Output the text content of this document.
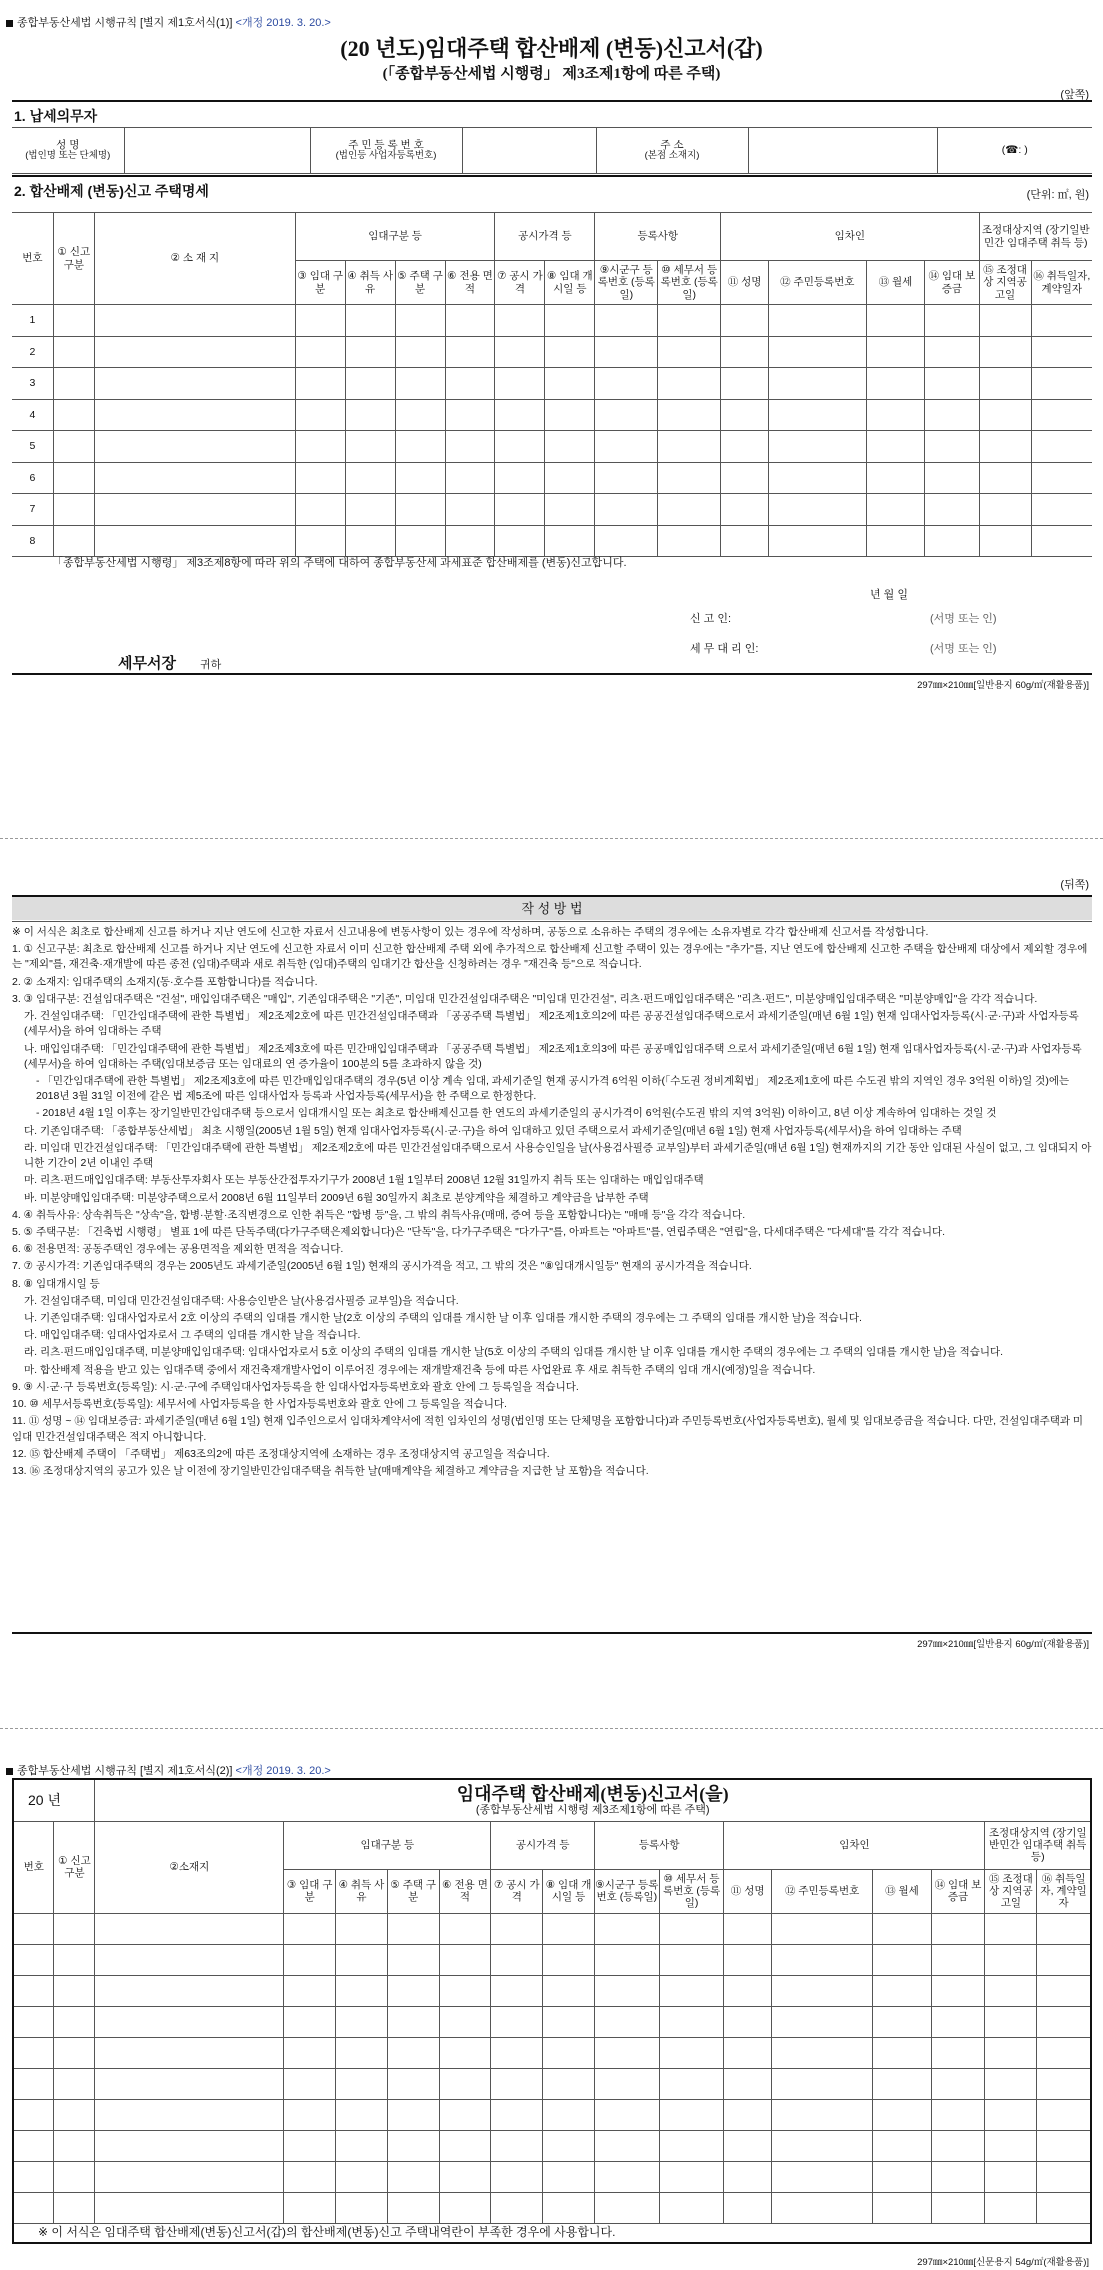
종합부동산세법 시행규칙 [별지 제1호서식(1)] <개정 2019. 3. 20.>
(20 년도)임대주택 합산배제 (변동)신고서(갑)
(「종합부동산세법 시행령」 제3조제1항에 따른 주택)
(앞쪽)
1. 납세의무자
성 명
(법인명 또는 단체명)

주 민 등 록 번 호
(법인등 사업자등록번호)

주 소
(본점 소재지)		(☎: )
2. 합산배제 (변동)신고 주택명세	(단위: ㎡, 원)
번호	① 신고 구분	② 소 재 지	임대구분 등				공시가격 등		등록사항		임차인				조정대상지역 (장기일반민간 임대주택 취득 등)	
			③ 임대 구분	④ 취득 사유	⑤ 주택 구분	⑥ 전용 면적	⑦ 공시 가격	⑧ 임대 개시일 등	⑨시군구 등록번호 (등록일)	⑩ 세무서 등록번호 (등록일)	⑪ 성명	⑫ 주민등록번호	⑬ 월세	⑭ 임대 보증금	⑮ 조정대상 지역공고일	⑯ 취득일자, 계약일자
1																
2																
3																
4																
5																
6																
7																
8																
「종합부동산세법 시행령」 제3조제8항에 따라 위의 주택에 대하여 종합부동산세 과세표준 합산배제를 (변동)신고합니다.
년 월 일
신 고 인:	(서명 또는 인)
세 무 대 리 인:	(서명 또는 인)
세무서장 귀하
297㎜×210㎜[일반용지 60g/㎡(재활용품)]
(뒤쪽)
작 성 방 법

※ 이 서식은 최초로 합산배제 신고를 하거나 지난 연도에 신고한 자료서 신고내용에 변동사항이 있는 경우에 작성하며, 공동으로 소유하는 주택의 경우에는 소유자별로 각각 합산배제 신고서를 작성합니다.

1. ① 신고구분: 최초로 합산배제 신고를 하거나 지난 연도에 신고한 자료서 이미 신고한 합산배제 주택 외에 추가적으로 합산배제 신고할 주택이 있는 경우에는 "추가"를, 지난 연도에 합산배제 신고한 주택을 합산배제 대상에서 제외할 경우에는 "제외"를, 재건축·재개발에 따른 종전 (임대)주택과 새로 취득한 (임대)주택의 임대기간 합산을 신청하려는 경우 "재건축 등"으로 적습니다.

2. ② 소재지: 임대주택의 소재지(동·호수를 포함합니다)를 적습니다.

3. ③ 임대구분: 건설임대주택은 "건설", 매입임대주택은 "매입", 기존임대주택은 "기존", 미임대 민간건설임대주택은 "미임대 민간건설", 리츠·펀드매입임대주택은 "리츠·펀드", 미분양매입임대주택은 "미분양매입"을 각각 적습니다.

가. 건설임대주택: 「민간임대주택에 관한 특별법」 제2조제2호에 따른 민간건설임대주택과 「공공주택 특별법」 제2조제1호의2에 따른 공공건설임대주택으로서 과세기준일(매년 6월 1일) 현재 임대사업자등록(시·군·구)과 사업자등록(세무서)을 하여 임대하는 주택

나. 매입임대주택: 「민간임대주택에 관한 특별법」 제2조제3호에 따른 민간매입임대주택과 「공공주택 특별법」 제2조제1호의3에 따른 공공매입임대주택 으로서 과세기준일(매년 6월 1일) 현재 임대사업자등록(시·군·구)과 사업자등록(세무서)을 하여 임대하는 주택(임대보증금 또는 임대료의 연 증가율이 100분의 5를 초과하지 않을 것)

- 「민간임대주택에 관한 특별법」 제2조제3호에 따른 민간매입임대주택의 경우(5년 이상 계속 임대, 과세기준일 현재 공시가격 6억원 이하(「수도권 정비계획법」 제2조제1호에 따른 수도권 밖의 지역인 경우 3억원 이하)일 것)에는 2018년 3월 31일 이전에 같은 법 제5조에 따른 임대사업자 등록과 사업자등록(세무서)을 한 주택으로 한정한다.

- 2018년 4월 1일 이후는 장기일반민간임대주택 등으로서 임대개시일 또는 최초로 합산배제신고를 한 연도의 과세기준일의 공시가격이 6억원(수도권 밖의 지역 3억원) 이하이고, 8년 이상 계속하여 임대하는 것일 것

다. 기존임대주택: 「종합부동산세법」 최초 시행일(2005년 1월 5일) 현재 임대사업자등록(시·군·구)을 하여 임대하고 있던 주택으로서 과세기준일(매년 6월 1일) 현재 사업자등록(세무서)을 하여 임대하는 주택

라. 미임대 민간건설임대주택: 「민간임대주택에 관한 특별법」 제2조제2호에 따른 민간건설임대주택으로서 사용승인일을 날(사용검사필증 교부일)부터 과세기준일(매년 6월 1일) 현재까지의 기간 동안 임대된 사실이 없고, 그 임대되지 아니한 기간이 2년 이내인 주택

마. 리츠·펀드매입임대주택: 부동산투자회사 또는 부동산간접투자기구가 2008년 1월 1일부터 2008년 12월 31일까지 취득 또는 임대하는 매입임대주택

바. 미분양매입임대주택: 미분양주택으로서 2008년 6월 11일부터 2009년 6월 30일까지 최초로 분양계약을 체결하고 계약금을 납부한 주택

4. ④ 취득사유: 상속취득은 "상속"을, 합병·분할·조직변경으로 인한 취득은 "합병 등"을, 그 밖의 취득사유(매매, 증여 등을 포함합니다)는 "매매 등"을 각각 적습니다.

5. ⑤ 주택구분: 「건축법 시행령」 별표 1에 따른 단독주택(다가구주택은제외합니다)은 "단독"을, 다가구주택은 "다가구"를, 아파트는 "아파트"를, 연립주택은 "연립"을, 다세대주택은 "다세대"를 각각 적습니다.

6. ⑥ 전용면적: 공동주택인 경우에는 공용면적을 제외한 면적을 적습니다.

7. ⑦ 공시가격: 기존임대주택의 경우는 2005년도 과세기준일(2005년 6월 1일) 현재의 공시가격을 적고, 그 밖의 것은 "⑧임대개시일등" 현재의 공시가격을 적습니다.

8. ⑧ 임대개시일 등

가. 건설임대주택, 미임대 민간건설임대주택: 사용승인받은 날(사용검사필증 교부일)을 적습니다.

나. 기존임대주택: 임대사업자로서 2호 이상의 주택의 임대를 개시한 날(2호 이상의 주택의 임대를 개시한 날 이후 임대를 개시한 주택의 경우에는 그 주택의 임대를 개시한 날)을 적습니다.

다. 매입임대주택: 임대사업자로서 그 주택의 임대를 개시한 날을 적습니다.

라. 리츠·펀드매입임대주택, 미분양매입임대주택: 임대사업자로서 5호 이상의 주택의 임대를 개시한 날(5호 이상의 주택의 임대를 개시한 날 이후 임대를 개시한 주택의 경우에는 그 주택의 임대를 개시한 날)을 적습니다.

마. 합산배제 적용을 받고 있는 임대주택 중에서 재건축재개발사업이 이루어진 경우에는 재개발재건축 등에 따른 사업완료 후 새로 취득한 주택의 임대 개시(예정)일을 적습니다.

9. ⑨ 시·군·구 등록번호(등록일): 시·군·구에 주택임대사업자등록을 한 임대사업자등록번호와 괄호 안에 그 등록일을 적습니다.

10. ⑩ 세무서등록번호(등록일): 세무서에 사업자등록을 한 사업자등록번호와 괄호 안에 그 등록일을 적습니다.

11. ⑪ 성명 ~ ⑭ 임대보증금: 과세기준일(매년 6월 1일) 현재 입주인으로서 임대차계약서에 적힌 임차인의 성명(법인명 또는 단체명을 포함합니다)과 주민등록번호(사업자등록번호), 월세 및 임대보증금을 적습니다. 다만, 건설임대주택과 미임대 민간건설임대주택은 적지 아니합니다.

12. ⑮ 합산배제 주택이 「주택법」 제63조의2에 따른 조정대상지역에 소재하는 경우 조정대상지역 공고일을 적습니다.

13. ⑯ 조정대상지역의 공고가 있은 날 이전에 장기일반민간임대주택을 취득한 날(매매계약을 체결하고 계약금을 지급한 날 포함)을 적습니다.

297㎜×210㎜[일반용지 60g/㎡(재활용품)]
종합부동산세법 시행규칙 [별지 제1호서식(2)] <개정 2019. 3. 20.>
20 년		임대주택 합산배제(변동)신고서(을)
(종합부동산세법 시행령 제3조제1항에 따른 주택)														

번호	① 신고 구분	②소재지	임대구분 등				공시가격 등		등록사항		임차인				조정대상지역 (장기일반민간 임대주택 취득 등)	
			③ 임대 구분	④ 취득 사유	⑤ 주택 구분	⑥ 전용 면적	⑦ 공시 가격	⑧ 임대 개시일 등	⑨시군구 등록번호 (등록일)	⑩ 세무서 등록번호 (등록일)	⑪ 성명	⑫ 주민등록번호	⑬ 월세	⑭ 임대 보증금	⑮ 조정대상 지역공고일	⑯ 취득일자, 계약일자

※ 이 서식은 임대주택 합산배제(변동)신고서(갑)의 합산배제(변동)신고 주택내역란이 부족한 경우에 사용합니다.																
297㎜×210㎜[신문용지 54g/㎡(재활용품)]
